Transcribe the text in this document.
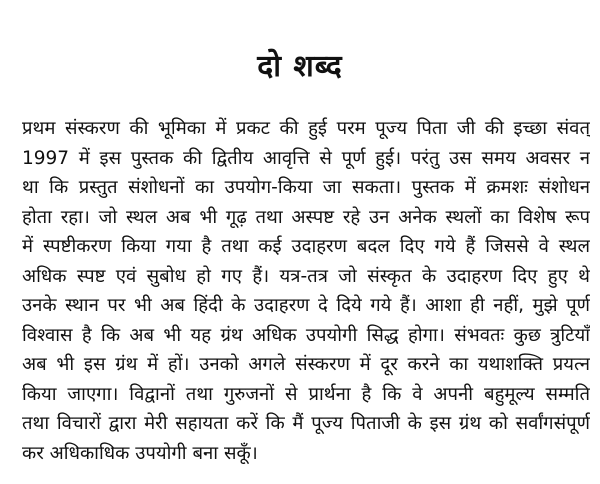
दो शब्द
प्रथम संस्करण की भूमिका में प्रकट की हुई परम पूज्य पिता जी की इच्छा संवत्
1997 में इस पुस्तक की द्वितीय आवृत्ति से पूर्ण हुई। परंतु उस समय अवसर न
था कि प्रस्तुत संशोधनों का उपयोग-किया जा सकता। पुस्तक में क्रमशः संशोधन
होता रहा। जो स्थल अब भी गूढ़ तथा अस्पष्ट रहे उन अनेक स्थलों का विशेष रूप
में स्पष्टीकरण किया गया है तथा कई उदाहरण बदल दिए गये हैं जिससे वे स्थल
अधिक स्पष्ट एवं सुबोध हो गए हैं। यत्र-तत्र जो संस्कृत के उदाहरण दिए हुए थे
उनके स्थान पर भी अब हिंदी के उदाहरण दे दिये गये हैं। आशा ही नहीं, मुझे पूर्ण
विश्वास है कि अब भी यह ग्रंथ अधिक उपयोगी सिद्ध होगा। संभवतः कुछ त्रुटियाँ
अब भी इस ग्रंथ में हों। उनको अगले संस्करण में दूर करने का यथाशक्ति प्रयत्न
किया जाएगा। विद्वानों तथा गुरुजनों से प्रार्थना है कि वे अपनी बहुमूल्य सम्मति
तथा विचारों द्वारा मेरी सहायता करें कि मैं पूज्य पिताजी के इस ग्रंथ को सर्वांगसंपूर्ण
कर अधिकाधिक उपयोगी बना सकूँ।
